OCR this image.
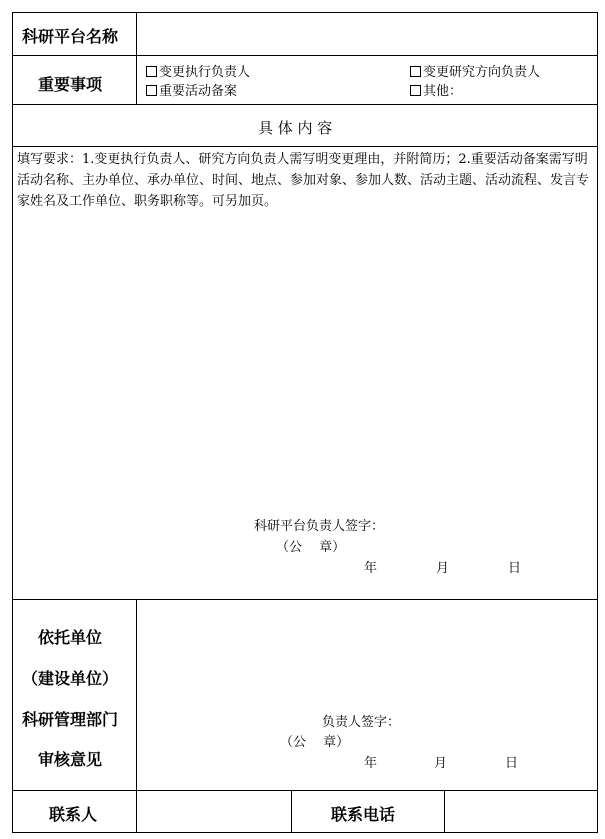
科研平台名称
重要事项
变更执行负责人	变更研究方向负责人
重要活动备案	其他：
具 体 内 容
填写要求：1.变更执行负责人、研究方向负责人需写明变更理由，并附简历；2.重要活动备案需写明活动名称、主办单位、承办单位、时间、地点、参加对象、参加人数、活动主题、活动流程、发言专家姓名及工作单位、职务职称等。可另加页。
科研平台负责人签字：
（公　 章）
年	月	日
依托单位
（建设单位）
科研管理部门
审核意见
负责人签字：
（公　 章）
年	月	日
联系人	联系电话
